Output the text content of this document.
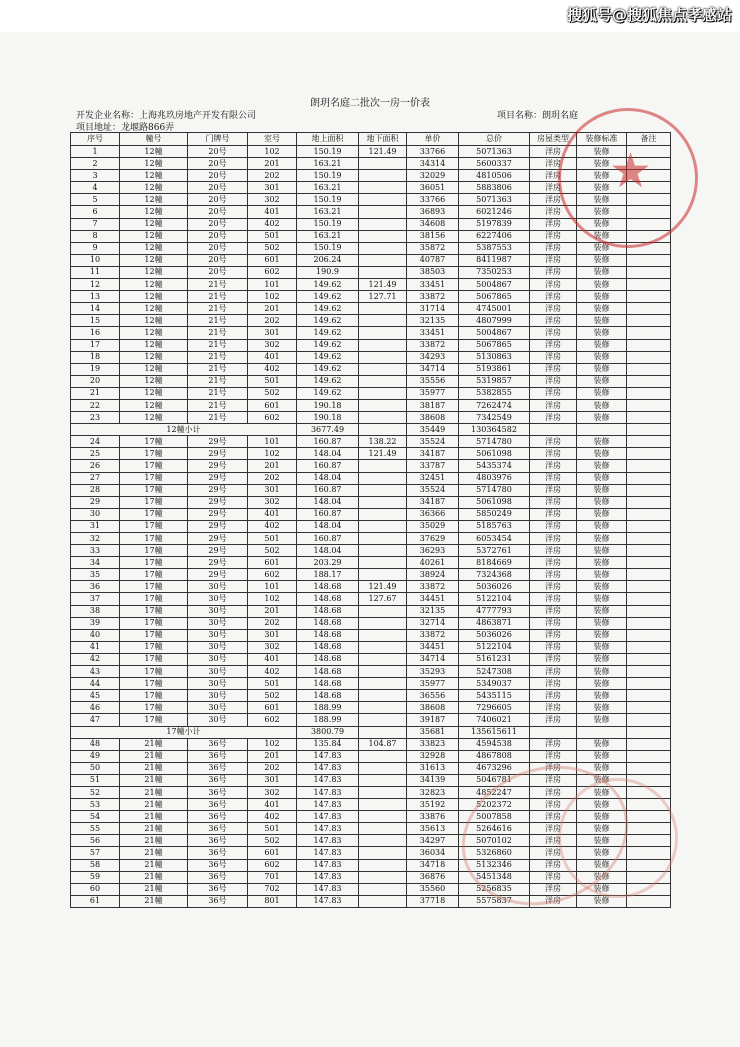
搜狐号@搜狐焦点孝感站
朗玥名庭二批次一房一价表
开发企业名称：上海兆玖房地产开发有限公司	项目名称：朗玥名庭
项目地址：龙堰路866弄
序号	幢号	门牌号	室号	地上面积	地下面积	单价	总价	房屋类型	装修标准	备注
1	12幢	20号	102	150.19	121.49	33766	5071363	洋房	装修	
2	12幢	20号	201	163.21		34314	5600337	洋房	装修	
3	12幢	20号	202	150.19		32029	4810506	洋房	装修	
4	12幢	20号	301	163.21		36051	5883806	洋房	装修	
5	12幢	20号	302	150.19		33766	5071363	洋房	装修	
6	12幢	20号	401	163.21		36893	6021246	洋房	装修	
7	12幢	20号	402	150.19		34608	5197839	洋房	装修	
8	12幢	20号	501	163.21		38156	6227406	洋房	装修	
9	12幢	20号	502	150.19		35872	5387553	洋房	装修	
10	12幢	20号	601	206.24		40787	8411987	洋房	装修	
11	12幢	20号	602	190.9		38503	7350253	洋房	装修	
12	12幢	21号	101	149.62	121.49	33451	5004867	洋房	装修	
13	12幢	21号	102	149.62	127.71	33872	5067865	洋房	装修	
14	12幢	21号	201	149.62		31714	4745001	洋房	装修	
15	12幢	21号	202	149.62		32135	4807999	洋房	装修	
16	12幢	21号	301	149.62		33451	5004867	洋房	装修	
17	12幢	21号	302	149.62		33872	5067865	洋房	装修	
18	12幢	21号	401	149.62		34293	5130863	洋房	装修	
19	12幢	21号	402	149.62		34714	5193861	洋房	装修	
20	12幢	21号	501	149.62		35556	5319857	洋房	装修	
21	12幢	21号	502	149.62		35977	5382855	洋房	装修	
22	12幢	21号	601	190.18		38187	7262474	洋房	装修	
23	12幢	21号	602	190.18		38608	7342549	洋房	装修	
12幢小计				3677.49		35449	130364582			
24	17幢	29号	101	160.87	138.22	35524	5714780	洋房	装修	
25	17幢	29号	102	148.04	121.49	34187	5061098	洋房	装修	
26	17幢	29号	201	160.87		33787	5435374	洋房	装修	
27	17幢	29号	202	148.04		32451	4803976	洋房	装修	
28	17幢	29号	301	160.87		35524	5714780	洋房	装修	
29	17幢	29号	302	148.04		34187	5061098	洋房	装修	
30	17幢	29号	401	160.87		36366	5850249	洋房	装修	
31	17幢	29号	402	148.04		35029	5185763	洋房	装修	
32	17幢	29号	501	160.87		37629	6053454	洋房	装修	
33	17幢	29号	502	148.04		36293	5372761	洋房	装修	
34	17幢	29号	601	203.29		40261	8184669	洋房	装修	
35	17幢	29号	602	188.17		38924	7324368	洋房	装修	
36	17幢	30号	101	148.68	121.49	33872	5036026	洋房	装修	
37	17幢	30号	102	148.68	127.67	34451	5122104	洋房	装修	
38	17幢	30号	201	148.68		32135	4777793	洋房	装修	
39	17幢	30号	202	148.68		32714	4863871	洋房	装修	
40	17幢	30号	301	148.68		33872	5036026	洋房	装修	
41	17幢	30号	302	148.68		34451	5122104	洋房	装修	
42	17幢	30号	401	148.68		34714	5161231	洋房	装修	
43	17幢	30号	402	148.68		35293	5247308	洋房	装修	
44	17幢	30号	501	148.68		35977	5349037	洋房	装修	
45	17幢	30号	502	148.68		36556	5435115	洋房	装修	
46	17幢	30号	601	188.99		38608	7296605	洋房	装修	
47	17幢	30号	602	188.99		39187	7406021	洋房	装修	
17幢小计				3800.79		35681	135615611			
48	21幢	36号	102	135.84	104.87	33823	4594538	洋房	装修	
49	21幢	36号	201	147.83		32928	4867808	洋房	装修	
50	21幢	36号	202	147.83		31613	4673296	洋房	装修	
51	21幢	36号	301	147.83		34139	5046781	洋房	装修	
52	21幢	36号	302	147.83		32823	4852247	洋房	装修	
53	21幢	36号	401	147.83		35192	5202372	洋房	装修	
54	21幢	36号	402	147.83		33876	5007858	洋房	装修	
55	21幢	36号	501	147.83		35613	5264616	洋房	装修	
56	21幢	36号	502	147.83		34297	5070102	洋房	装修	
57	21幢	36号	601	147.83		36034	5326860	洋房	装修	
58	21幢	36号	602	147.83		34718	5132346	洋房	装修	
59	21幢	36号	701	147.83		36876	5451348	洋房	装修	
60	21幢	36号	702	147.83		35560	5256835	洋房	装修	
61	21幢	36号	801	147.83		37718	5575837	洋房	装修	
★
